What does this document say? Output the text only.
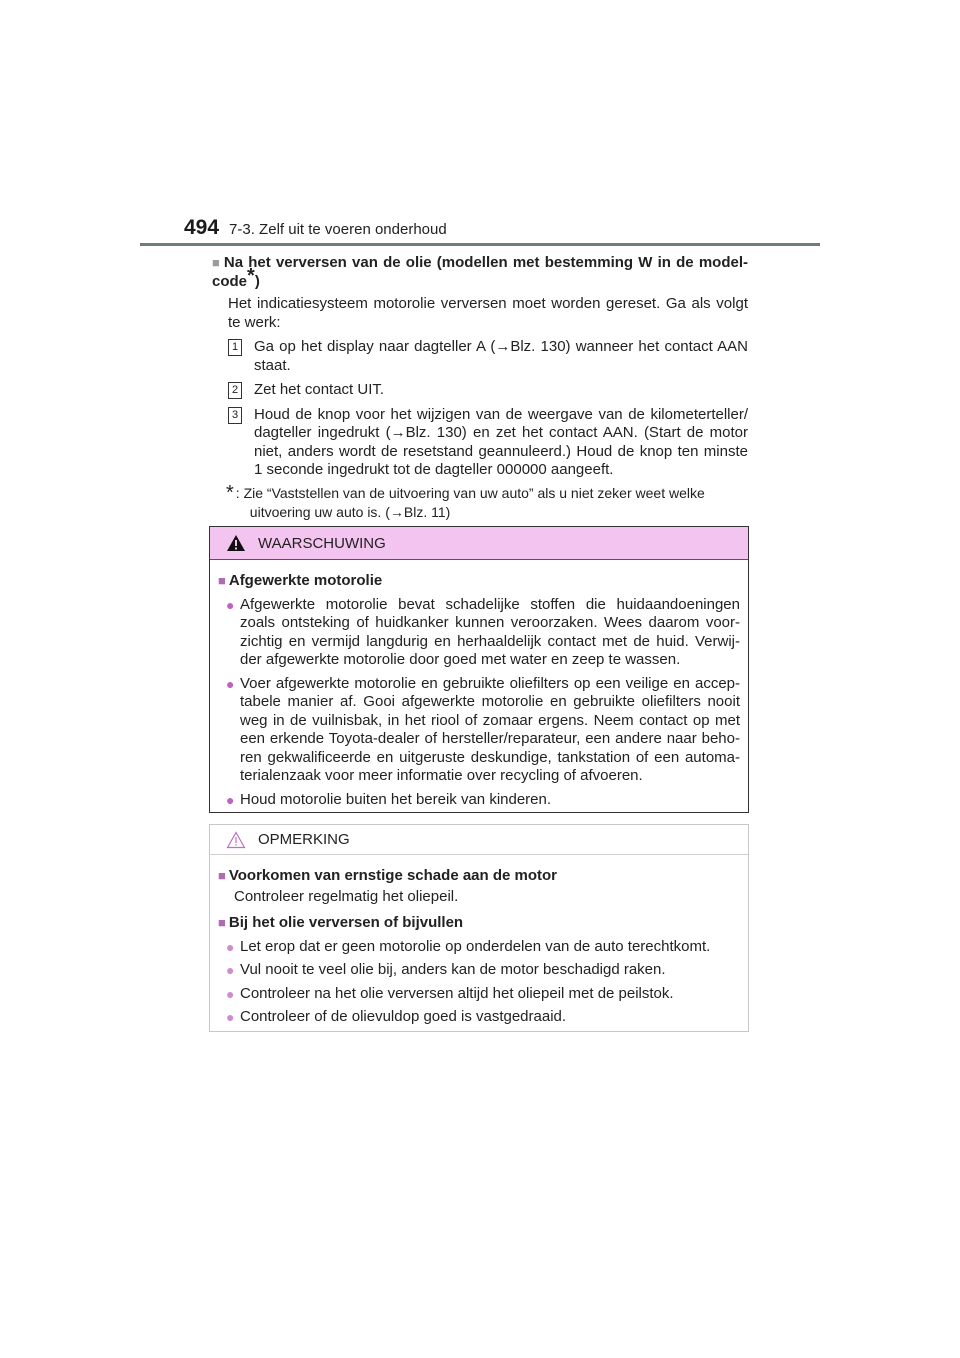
494 7-3. Zelf uit te voeren onderhoud
■ Na het verversen van de olie (modellen met bestemming W in de model-code*)
Het indicatiesysteem motorolie verversen moet worden gereset. Ga als volgt te werk:
1 Ga op het display naar dagteller A (→Blz. 130) wanneer het contact AAN staat.
2 Zet het contact UIT.
3 Houd de knop voor het wijzigen van de weergave van de kilometerteller/ dagteller ingedrukt (→Blz. 130) en zet het contact AAN. (Start de motor niet, anders wordt de resetstand geannuleerd.) Houd de knop ten minste 1 seconde ingedrukt tot de dagteller 000000 aangeeft.
* : Zie “Vaststellen van de uitvoering van uw auto” als u niet zeker weet welke
uitvoering uw auto is. (→Blz. 11)
WAARSCHUWING
■ Afgewerkte motorolie
● Afgewerkte motorolie bevat schadelijke stoffen die huidaandoeningen zoals ontsteking of huidkanker kunnen veroorzaken. Wees daarom voor-zichtig en vermijd langdurig en herhaaldelijk contact met de huid. Verwij-der afgewerkte motorolie door goed met water en zeep te wassen.
● Voer afgewerkte motorolie en gebruikte oliefilters op een veilige en accep-tabele manier af. Gooi afgewerkte motorolie en gebruikte oliefilters nooit weg in de vuilnisbak, in het riool of zomaar ergens. Neem contact op met een erkende Toyota-dealer of hersteller/reparateur, een andere naar beho-ren gekwalificeerde en uitgeruste deskundige, tankstation of een automa-terialenzaak voor meer informatie over recycling of afvoeren.
● Houd motorolie buiten het bereik van kinderen.
OPMERKING
■ Voorkomen van ernstige schade aan de motor
Controleer regelmatig het oliepeil.
■ Bij het olie verversen of bijvullen
● Let erop dat er geen motorolie op onderdelen van de auto terechtkomt.
● Vul nooit te veel olie bij, anders kan de motor beschadigd raken.
● Controleer na het olie verversen altijd het oliepeil met de peilstok.
● Controleer of de olievuldop goed is vastgedraaid.
